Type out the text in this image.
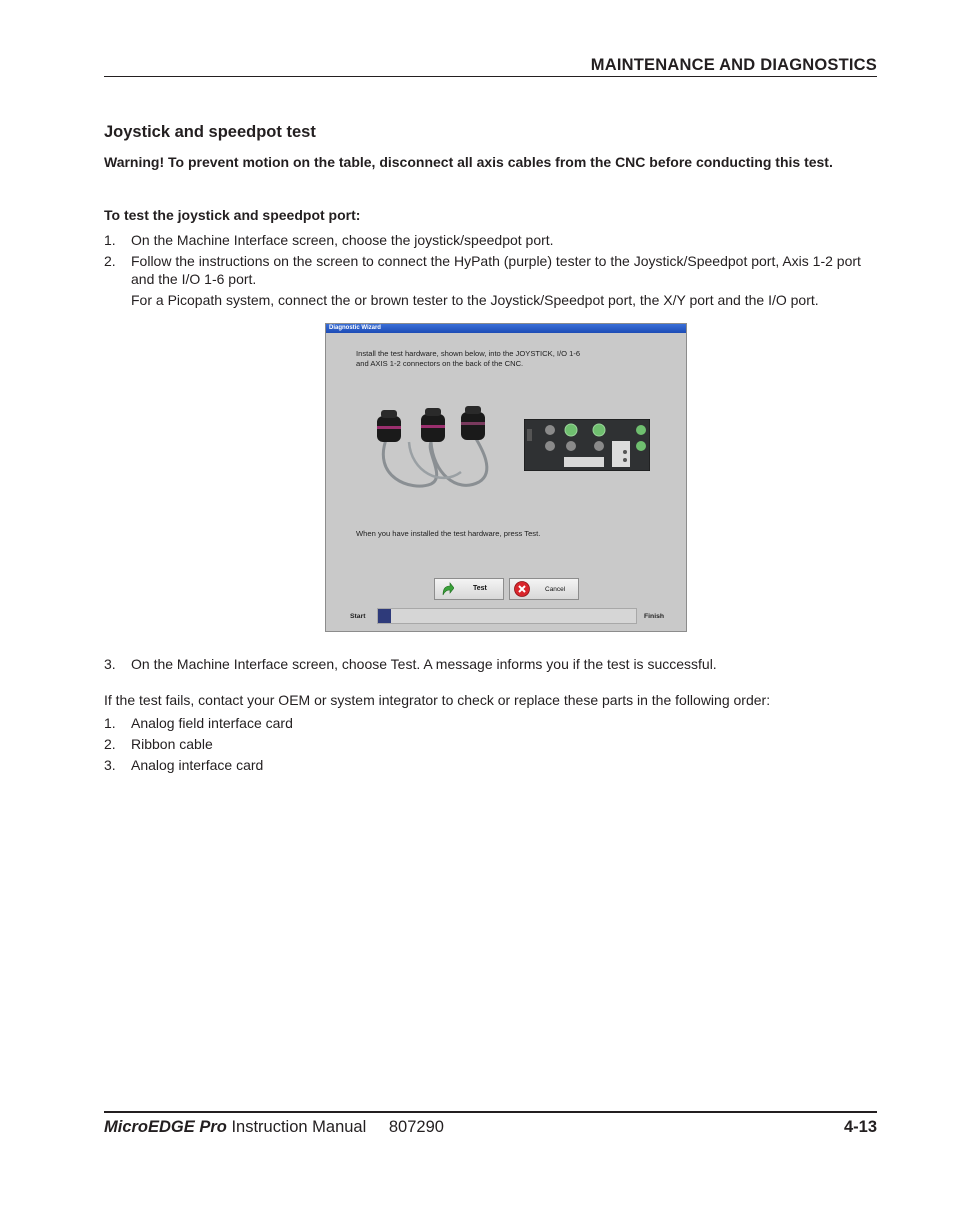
MAINTENANCE AND DIAGNOSTICS
Joystick and speedpot test
Warning! To prevent motion on the table, disconnect all axis cables from the CNC before conducting this test.
To test the joystick and speedpot port:
1. On the Machine Interface screen, choose the joystick/speedpot port.
2. Follow the instructions on the screen to connect the HyPath (purple) tester to the Joystick/Speedpot port, Axis 1-2 port and the I/O 1-6 port.
For a Picopath system, connect the or brown tester to the Joystick/Speedpot port, the X/Y port and the I/O port.
Diagnostic Wizard
Install the test hardware, shown below, into the JOYSTICK, I/O 1-6
and AXIS 1-2 connectors on the back of the CNC.
When you have installed the test hardware, press Test.
Test	Cancel
Start	Finish
3. On the Machine Interface screen, choose Test. A message informs you if the test is successful.
If the test fails, contact your OEM or system integrator to check or replace these parts in the following order:
1. Analog field interface card
2. Ribbon cable
3. Analog interface card
MicroEDGE Pro Instruction Manual 807290	4-13
